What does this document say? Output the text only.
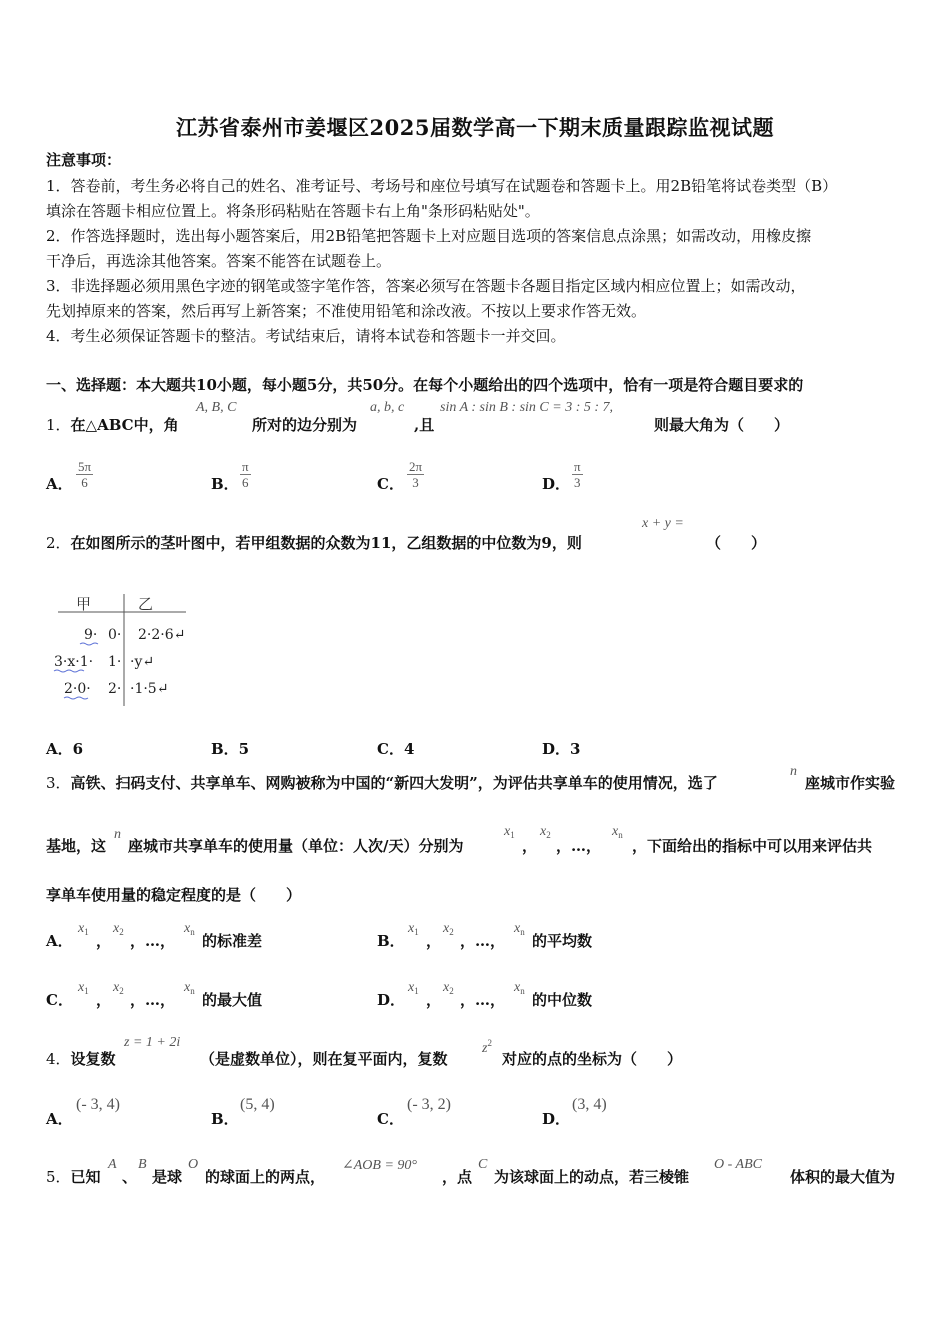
江苏省泰州市姜堰区2025届数学高一下期末质量跟踪监视试题
注意事项：
1．答卷前，考生务必将自己的姓名、准考证号、考场号和座位号填写在试题卷和答题卡上。用2B铅笔将试卷类型（B）
填涂在答题卡相应位置上。将条形码粘贴在答题卡右上角"条形码粘贴处"。
2．作答选择题时，选出每小题答案后，用2B铅笔把答题卡上对应题目选项的答案信息点涂黑；如需改动，用橡皮擦
干净后，再选涂其他答案。答案不能答在试题卷上。
3．非选择题必须用黑色字迹的钢笔或签字笔作答，答案必须写在答题卡各题目指定区域内相应位置上；如需改动，
先划掉原来的答案，然后再写上新答案；不准使用铅笔和涂改液。不按以上要求作答无效。
4．考生必须保证答题卡的整洁。考试结束后，请将本试卷和答题卡一并交回。
一、选择题：本大题共10小题，每小题5分，共50分。在每个小题给出的四个选项中，恰有一项是符合题目要求的
1．在△ABC中，角
A, B, C
所对的边分别为
a, b, c
,且
sin A : sin B : sin C = 3 : 5 : 7,
则最大角为（　　）
A． $\frac{5\pi}{6}$	B． $\frac{\pi}{6}$	C． $\frac{2\pi}{3}$	D． $\frac{\pi}{3}$
2．在如图所示的茎叶图中，若甲组数据的众数为11，乙组数据的中位数为9，则
x + y =
（　　）
甲	乙
9· 0· 2·2·6↵
3·x·1· 1· ·y↵
2·0· 2· ·1·5↵
A．6	B．5	C．4	D．3
3．高铁、扫码支付、共享单车、网购被称为中国的“新四大发明”，为评估共享单车的使用情况，选了
n
座城市作实验
基地，这
n
座城市共享单车的使用量（单位：人次/天）分别为
$x_1$
，
$x_2$
，…，
$x_n$
，下面给出的指标中可以用来评估共
享单车使用量的稳定程度的是（　　）
A．
$x_1$ ，
$x_2$ ，…，
$x_n$ 的标准差	B．
$x_1$ ，
$x_2$ ，…，
$x_n$ 的平均数
C．
$x_1$ ，
$x_2$ ，…，
$x_n$ 的最大值	D．
$x_1$ ，
$x_2$ ，…，
$x_n$ 的中位数
4．设复数
z = 1 + 2i
（是虚数单位），则在复平面内，复数
$z^2$
对应的点的坐标为（　　）
A．
(- 3, 4)
B．
(5, 4)
C．
(- 3, 2)
D．
(3, 4)
5．已知
A
、
B
是球
O
的球面上的两点，
∠AOB = 90°
，点
C
为该球面上的动点，若三棱锥
O - ABC
体积的最大值为
